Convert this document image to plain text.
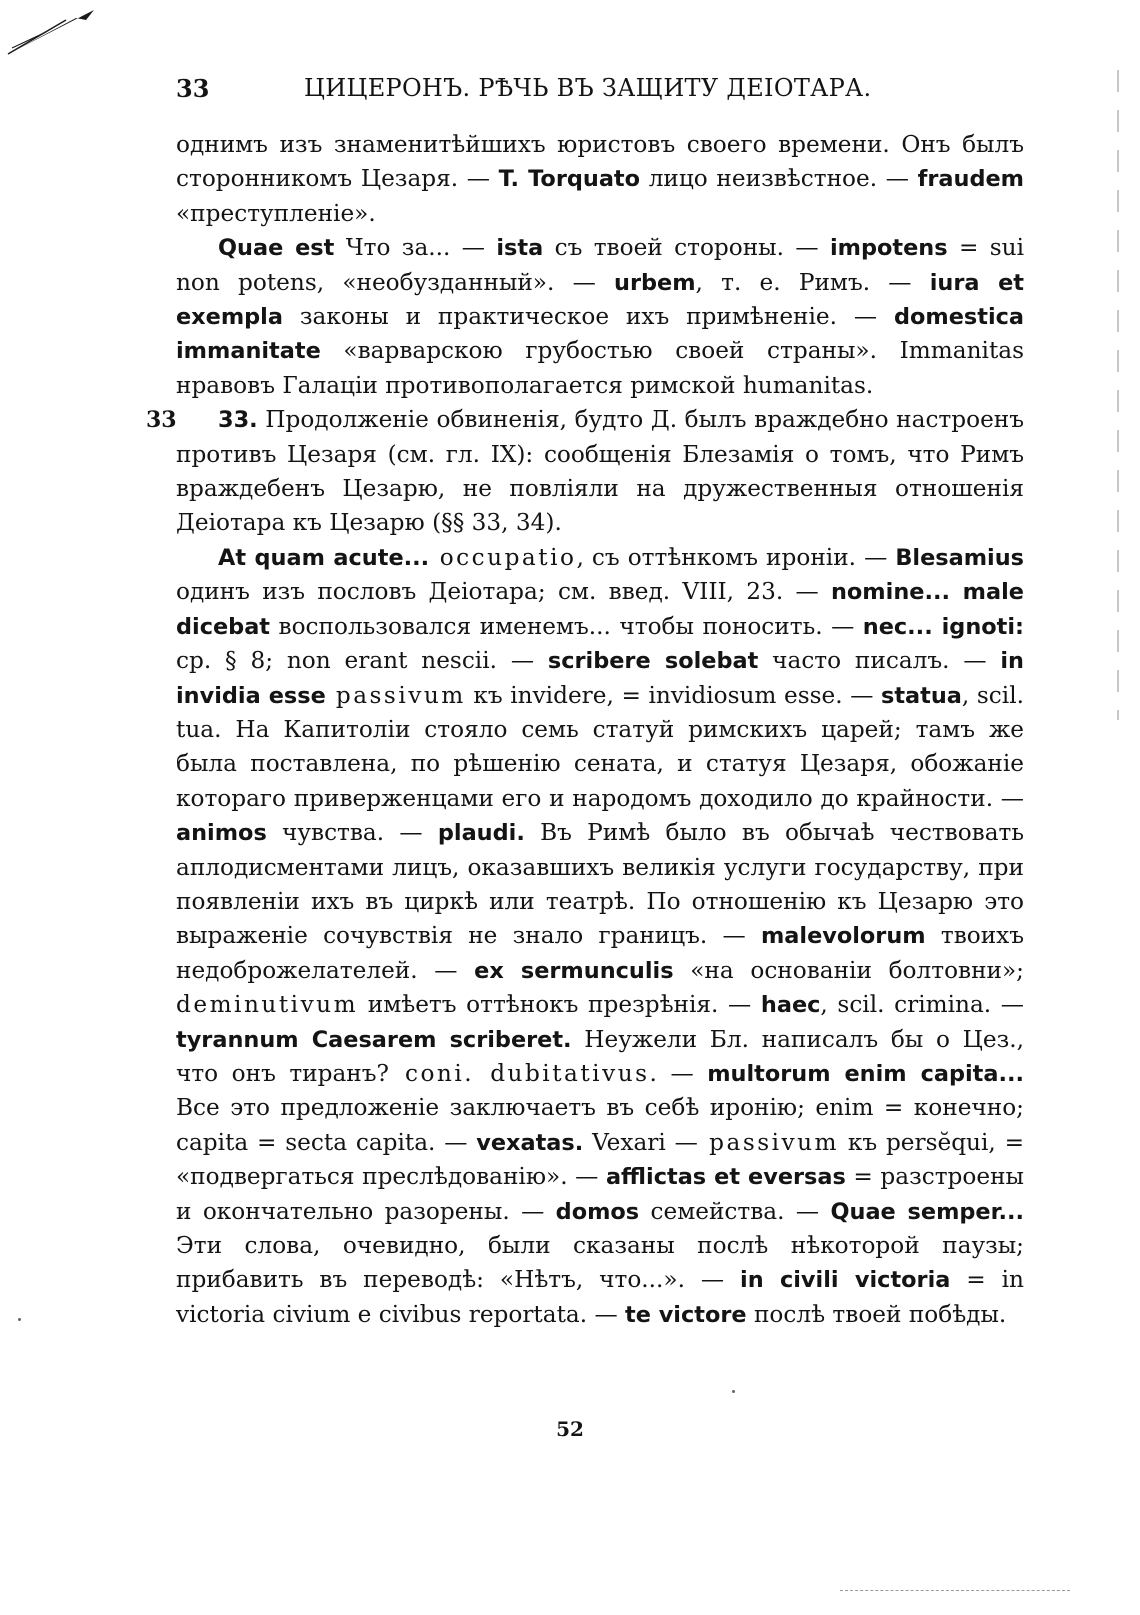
33	ЦИЦЕРОНЪ. РѢЧЬ ВЪ ЗАЩИТУ ДЕІОТАРА.

однимъ изъ знаменитѣйшихъ юристовъ своего времени. Онъ былъ сторонникомъ Цезаря. — T. Torquato лицо неизвѣстное. — fraudem «преступленіе».

Quae est Что за... — ista съ твоей стороны. — impotens = sui non potens, «необузданный». — urbem, т. е. Римъ. — iura et exempla законы и практическое ихъ примѣненіе. — domestica immanitate «варварскою грубостью своей страны». Immanitas нравовъ Галаціи противополагается римской humanitas.

33 33. Продолженіе обвиненія, будто Д. былъ враждебно настроенъ противъ Цезаря (см. гл. IX): сообщенія Блезамія о томъ, что Римъ враждебенъ Цезарю, не повліяли на дружественныя отношенія Деіотара къ Цезарю (§§ 33, 34).

At quam acute... occupatio, съ оттѣнкомъ ироніи. — Blesamius одинъ изъ пословъ Деіотара; см. введ. VIII, 23. — nomine... male dicebat воспользовался именемъ... чтобы поносить. — nec... ignoti: ср. § 8; non erant nescii. — scribere solebat часто писалъ. — in invidia esse passivum къ invidere, = invidiosum esse. — statua, scil. tua. На Капитоліи стояло семь статуй римскихъ царей; тамъ же была поставлена, по рѣшенію сената, и статуя Цезаря, обожаніе котораго приверженцами его и народомъ доходило до крайности. — animos чувства. — plaudi. Въ Римѣ было въ обычаѣ чествовать аплодисментами лицъ, оказавшихъ великія услуги государству, при появленіи ихъ въ циркѣ или театрѣ. По отношенію къ Цезарю это выраженіе сочувствія не знало границъ. — malevolorum твоихъ недоброжелателей. — ex sermunculis «на основаніи болтовни»; deminutivum имѣетъ оттѣнокъ презрѣнія. — haec, scil. crimina. — tyrannum Caesarem scriberet. Неужели Бл. написалъ бы о Цез., что онъ тиранъ? coni. dubitativus. — multorum enim capita... Все это предложеніе заключаетъ въ себѣ иронію; enim = конечно; capita = secta capita. — vexatas. Vexari — passivum къ persĕqui, = «подвергаться преслѣдованію». — afflictas et eversas = разстроены и окончательно разорены. — domos семейства. — Quae semper... Эти слова, очевидно, были сказаны послѣ нѣкоторой паузы; прибавить въ переводѣ: «Нѣтъ, что...». — in civili victoria = in victoria civium e civibus reportata. — te victore послѣ твоей побѣды.

52
